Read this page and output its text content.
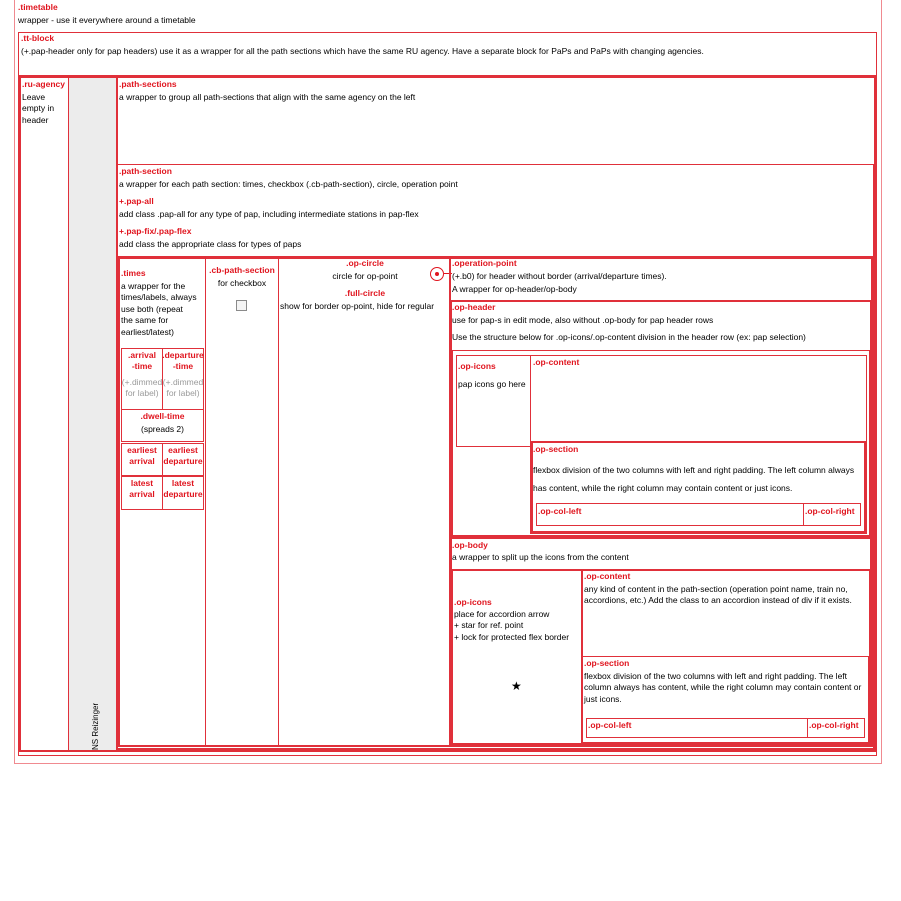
.timetable
wrapper - use it everywhere around a timetable
.tt-block
(+.pap-header only for pap headers) use it as a wrapper for all the path sections which have the same RU agency. Have a separate block for PaPs and PaPs with changing agencies.
.ru-agency
Leave
empty in
header
NS Reizinger
.path-sections
a wrapper to group all path-sections that align with the same agency on the left
.path-section
a wrapper for each path section: times, checkbox (.cb-path-section), circle, operation point
+.pap-all
add class .pap-all for any type of pap, including intermediate stations in pap-flex
+.pap-fix/.pap-flex
add class the appropriate class for types of paps
.times
a wrapper for the
times/labels, always
use both (repeat
the same for
earliest/latest)
.arrival
-time
(+.dimmed
for label)
.departure
-time
(+.dimmed
for label)
.dwell-time
(spreads 2)
earliest
arrival
earliest
departure
latest
arrival
latest
departure
.cb-path-section
for checkbox
.op-circle
circle for op-point
.full-circle
show for border op-point, hide for regular
.operation-point
(+.b0) for header without border (arrival/departure times).
A wrapper for op-header/op-body
.op-header
use for pap-s in edit mode, also without .op-body for pap header rows
Use the structure below for .op-icons/.op-content division in the header row (ex: pap selection)
.op-icons
pap icons go here
.op-content
.op-section
flexbox division of the two columns with left and right padding. The left column always has content, while the right column may contain content or just icons.
.op-col-left	.op-col-right
.op-body
a wrapper to split up the icons from the content
.op-icons
place for accordion arrow
+ star for ref. point
+ lock for protected flex border
★
.op-content
any kind of content in the path-section (operation point name, train no, accordions, etc.) Add the class to an accordion instead of div if it exists.
.op-section
flexbox division of the two columns with left and right padding. The left column always has content, while the right column may contain content or just icons.
.op-col-left	.op-col-right
